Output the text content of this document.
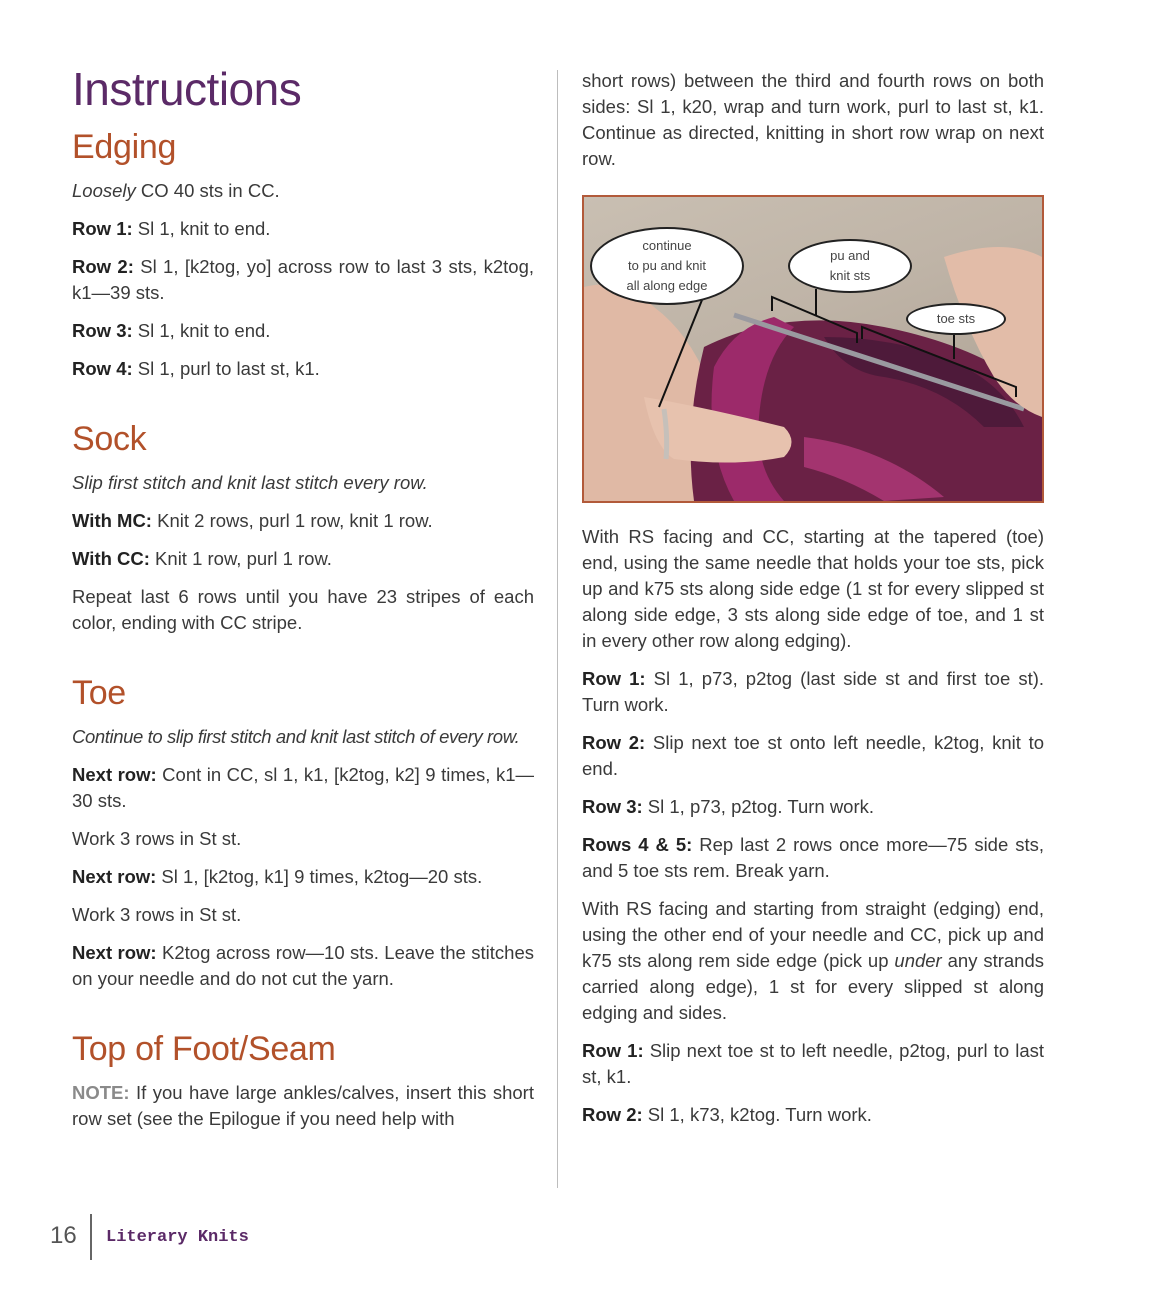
Instructions
Edging

Loosely CO 40 sts in CC.

Row 1: Sl 1, knit to end.

Row 2: Sl 1, [k2tog, yo] across row to last 3 sts, k2tog, k1—39 sts.

Row 3: Sl 1, knit to end.

Row 4: Sl 1, purl to last st, k1.

Sock

Slip first stitch and knit last stitch every row.

With MC: Knit 2 rows, purl 1 row, knit 1 row.

With CC: Knit 1 row, purl 1 row.

Repeat last 6 rows until you have 23 stripes of each color, ending with CC stripe.

Toe

Continue to slip first stitch and knit last stitch of every row.

Next row: Cont in CC, sl 1, k1, [k2tog, k2] 9 times, k1—30 sts.

Work 3 rows in St st.

Next row: Sl 1, [k2tog, k1] 9 times, k2tog—20 sts.

Work 3 rows in St st.

Next row: K2tog across row—10 sts. Leave the stitches on your needle and do not cut the yarn.

Top of Foot/Seam

NOTE: If you have large ankles/calves, insert this short row set (see the Epilogue if you need help with

short rows) between the third and fourth rows on both sides: Sl 1, k20, wrap and turn work, purl to last st, k1. Continue as directed, knitting in short row wrap on next row.

continue
to pu and knit
all along edge
pu and
knit sts
toe sts

With RS facing and CC, starting at the tapered (toe) end, using the same needle that holds your toe sts, pick up and k75 sts along side edge (1 st for every slipped st along side edge, 3 sts along side edge of toe, and 1 st in every other row along edging).

Row 1: Sl 1, p73, p2tog (last side st and first toe st). Turn work.

Row 2: Slip next toe st onto left needle, k2tog, knit to end.

Row 3: Sl 1, p73, p2tog. Turn work.

Rows 4 & 5: Rep last 2 rows once more—75 side sts, and 5 toe sts rem. Break yarn.

With RS facing and starting from straight (edging) end, using the other end of your needle and CC, pick up and k75 sts along rem side edge (pick up under any strands carried along edge), 1 st for every slipped st along edging and sides.

Row 1: Slip next toe st to left needle, p2tog, purl to last st, k1.

Row 2: Sl 1, k73, k2tog. Turn work.

16 Literary Knits
